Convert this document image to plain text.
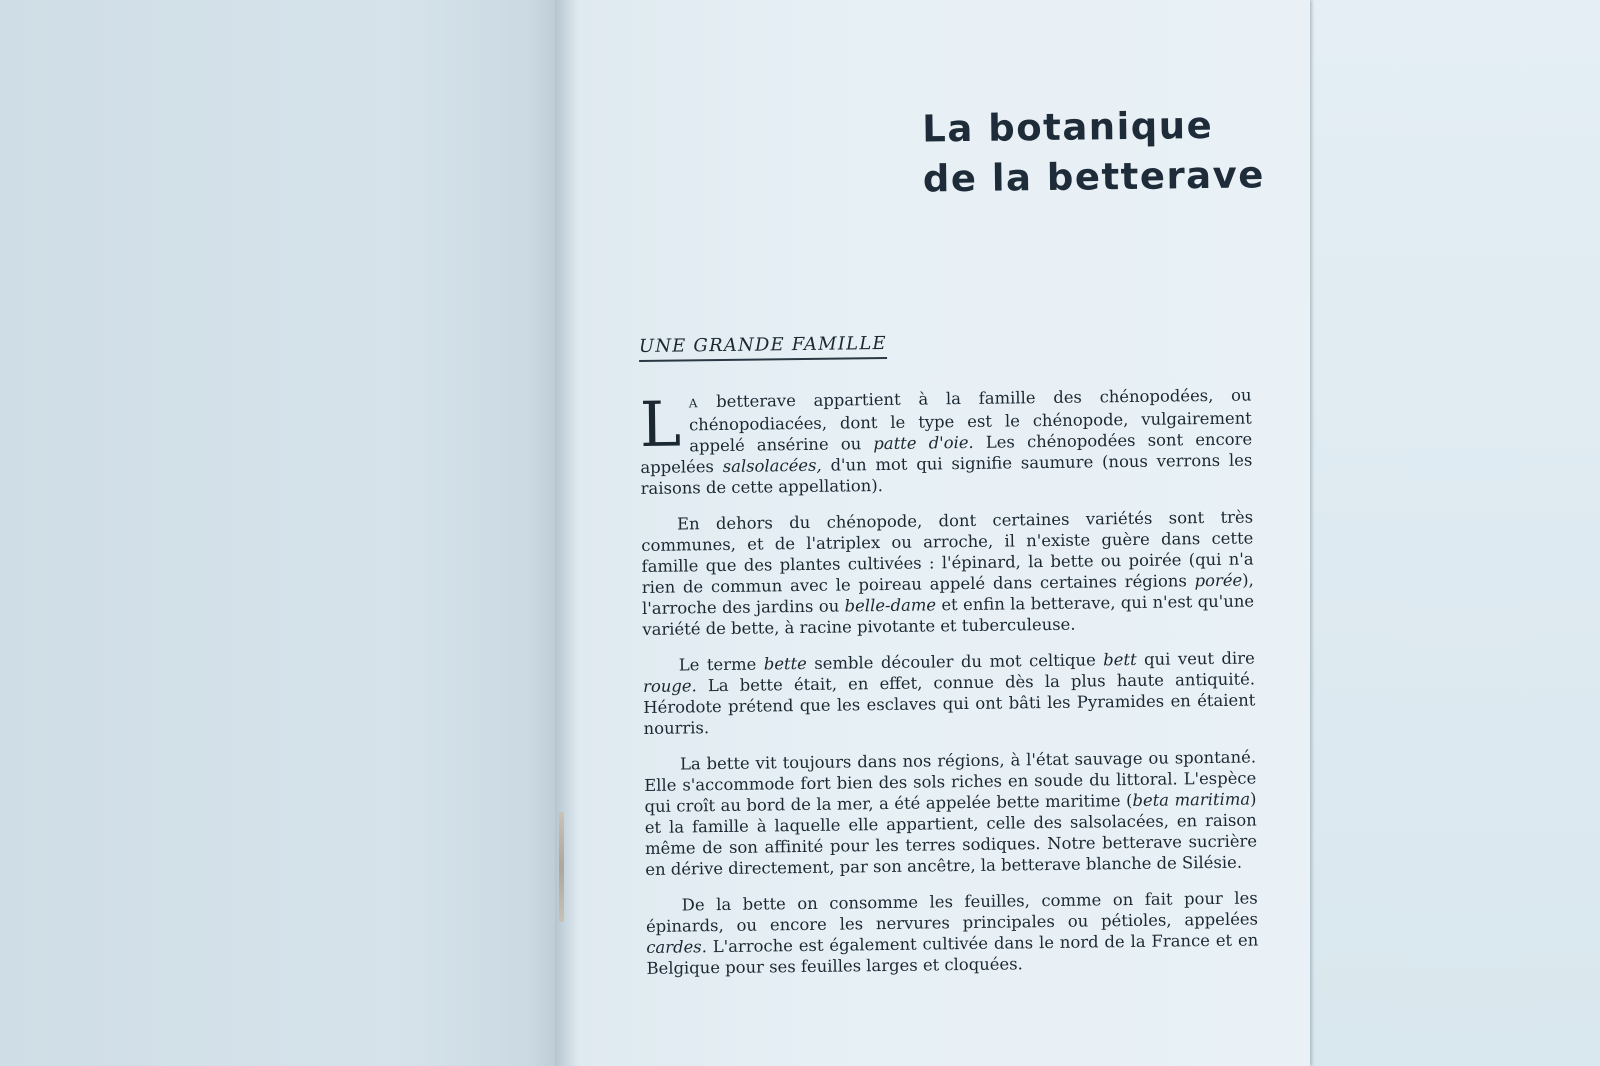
La botanique
de la betterave
UNE GRANDE FAMILLE

L A betterave appartient à la famille des chénopodées, ou chénopodiacées, dont le type est le chénopode, vulgairement appelé ansérine ou patte d'oie. Les chénopodées sont encore appelées salsolacées, d'un mot qui signifie saumure (nous verrons les raisons de cette appellation).

En dehors du chénopode, dont certaines variétés sont très communes, et de l'atriplex ou arroche, il n'existe guère dans cette famille que des plantes cultivées : l'épinard, la bette ou poirée (qui n'a rien de commun avec le poireau appelé dans certaines régions porée), l'arroche des jardins ou belle-dame et enfin la betterave, qui n'est qu'une variété de bette, à racine pivotante et tuberculeuse.

Le terme bette semble découler du mot celtique bett qui veut dire rouge. La bette était, en effet, connue dès la plus haute antiquité. Hérodote prétend que les esclaves qui ont bâti les Pyramides en étaient nourris.

La bette vit toujours dans nos régions, à l'état sauvage ou spontané. Elle s'accommode fort bien des sols riches en soude du littoral. L'espèce qui croît au bord de la mer, a été appelée bette maritime (beta maritima) et la famille à laquelle elle appartient, celle des salsolacées, en raison même de son affinité pour les terres sodiques. Notre betterave sucrière en dérive directement, par son ancêtre, la betterave blanche de Silésie.

De la bette on consomme les feuilles, comme on fait pour les épinards, ou encore les nervures principales ou pétioles, appelées cardes. L'arroche est également cultivée dans le nord de la France et en Belgique pour ses feuilles larges et cloquées.
